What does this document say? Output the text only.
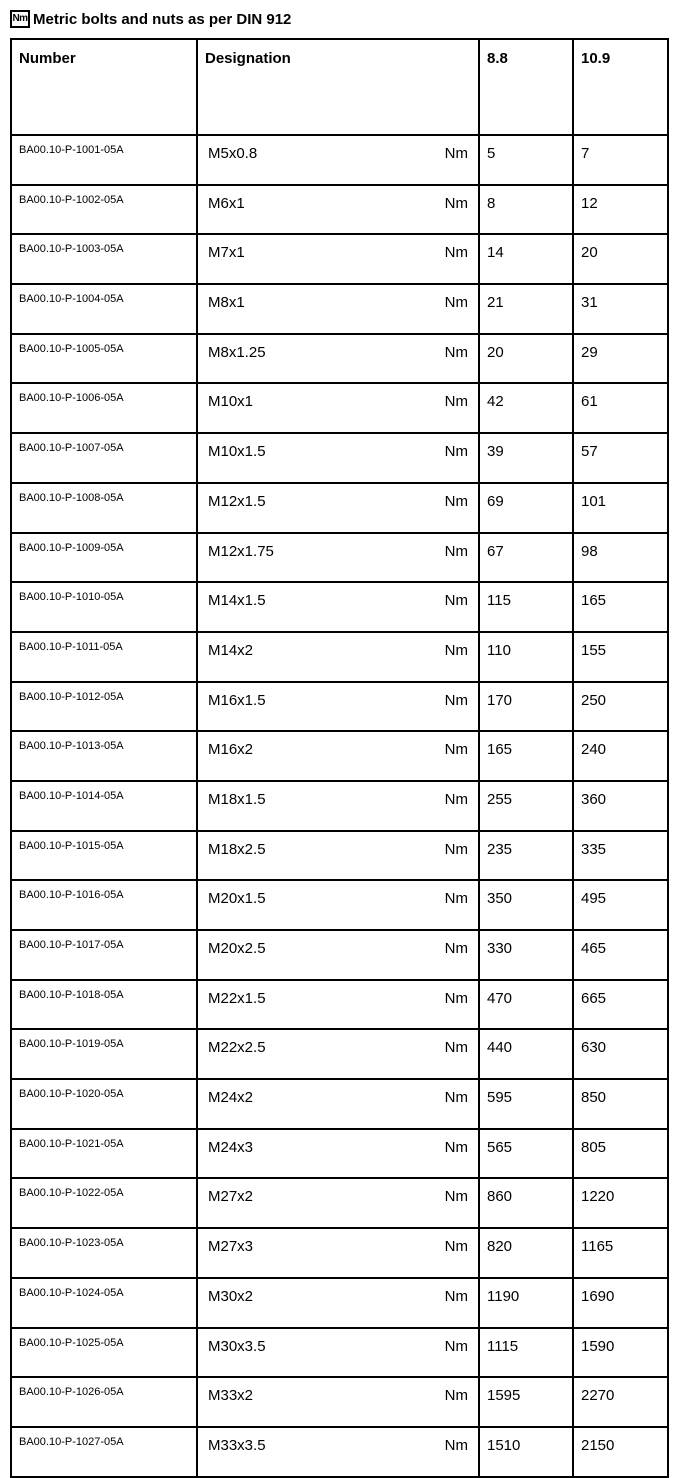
Nm Metric bolts and nuts as per DIN 912
Number	Designation	8.8	10.9
BA00.10-P-1001-05A	M5x0.8 Nm	5	7
BA00.10-P-1002-05A	M6x1 Nm	8	12
BA00.10-P-1003-05A	M7x1 Nm	14	20
BA00.10-P-1004-05A	M8x1 Nm	21	31
BA00.10-P-1005-05A	M8x1.25 Nm	20	29
BA00.10-P-1006-05A	M10x1 Nm	42	61
BA00.10-P-1007-05A	M10x1.5 Nm	39	57
BA00.10-P-1008-05A	M12x1.5 Nm	69	101
BA00.10-P-1009-05A	M12x1.75 Nm	67	98
BA00.10-P-1010-05A	M14x1.5 Nm	115	165
BA00.10-P-1011-05A	M14x2 Nm	110	155
BA00.10-P-1012-05A	M16x1.5 Nm	170	250
BA00.10-P-1013-05A	M16x2 Nm	165	240
BA00.10-P-1014-05A	M18x1.5 Nm	255	360
BA00.10-P-1015-05A	M18x2.5 Nm	235	335
BA00.10-P-1016-05A	M20x1.5 Nm	350	495
BA00.10-P-1017-05A	M20x2.5 Nm	330	465
BA00.10-P-1018-05A	M22x1.5 Nm	470	665
BA00.10-P-1019-05A	M22x2.5 Nm	440	630
BA00.10-P-1020-05A	M24x2 Nm	595	850
BA00.10-P-1021-05A	M24x3 Nm	565	805
BA00.10-P-1022-05A	M27x2 Nm	860	1220
BA00.10-P-1023-05A	M27x3 Nm	820	1165
BA00.10-P-1024-05A	M30x2 Nm	1190	1690
BA00.10-P-1025-05A	M30x3.5 Nm	1115	1590
BA00.10-P-1026-05A	M33x2 Nm	1595	2270
BA00.10-P-1027-05A	M33x3.5 Nm	1510	2150
